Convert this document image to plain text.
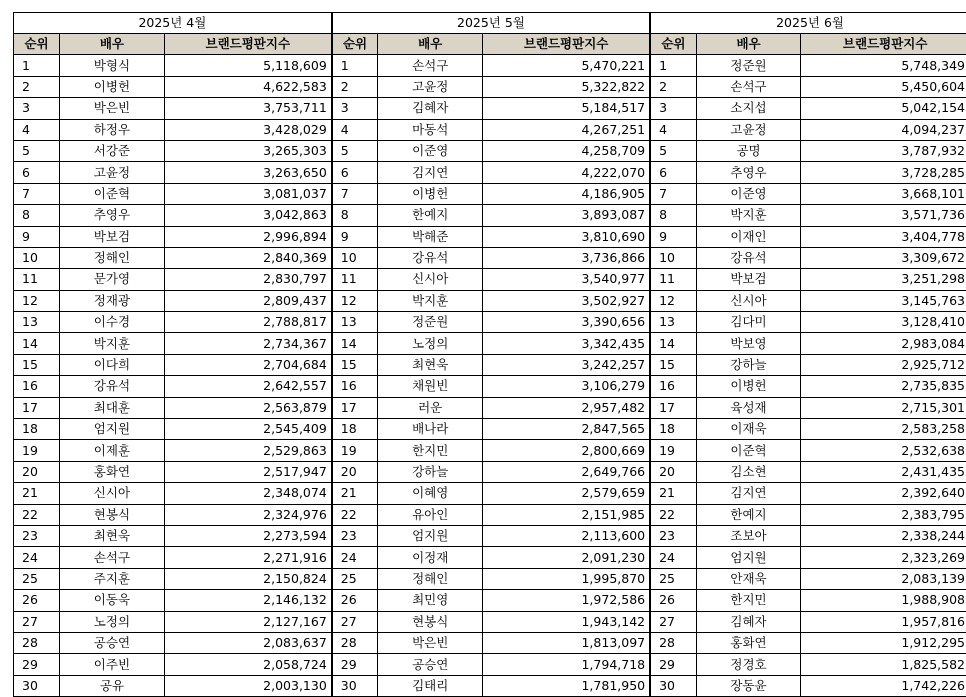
2025년 4월			2025년 5월			2025년 6월		
순위	배우	브랜드평판지수	순위	배우	브랜드평판지수	순위	배우	브랜드평판지수
1	박형식	5,118,609	1	손석구	5,470,221	1	정준원	5,748,349
2	이병헌	4,622,583	2	고윤정	5,322,822	2	손석구	5,450,604
3	박은빈	3,753,711	3	김혜자	5,184,517	3	소지섭	5,042,154
4	하정우	3,428,029	4	마동석	4,267,251	4	고윤정	4,094,237
5	서강준	3,265,303	5	이준영	4,258,709	5	공명	3,787,932
6	고윤정	3,263,650	6	김지연	4,222,070	6	추영우	3,728,285
7	이준혁	3,081,037	7	이병헌	4,186,905	7	이준영	3,668,101
8	추영우	3,042,863	8	한예지	3,893,087	8	박지훈	3,571,736
9	박보검	2,996,894	9	박해준	3,810,690	9	이재인	3,404,778
10	정해인	2,840,369	10	강유석	3,736,866	10	강유석	3,309,672
11	문가영	2,830,797	11	신시아	3,540,977	11	박보검	3,251,298
12	정재광	2,809,437	12	박지훈	3,502,927	12	신시아	3,145,763
13	이수경	2,788,817	13	정준원	3,390,656	13	김다미	3,128,410
14	박지훈	2,734,367	14	노정의	3,342,435	14	박보영	2,983,084
15	이다희	2,704,684	15	최현욱	3,242,257	15	강하늘	2,925,712
16	강유석	2,642,557	16	채원빈	3,106,279	16	이병헌	2,735,835
17	최대훈	2,563,879	17	러운	2,957,482	17	육성재	2,715,301
18	엄지원	2,545,409	18	배나라	2,847,565	18	이재욱	2,583,258
19	이제훈	2,529,863	19	한지민	2,800,669	19	이준혁	2,532,638
20	홍화연	2,517,947	20	강하늘	2,649,766	20	김소현	2,431,435
21	신시아	2,348,074	21	이혜영	2,579,659	21	김지연	2,392,640
22	현봉식	2,324,976	22	유아인	2,151,985	22	한예지	2,383,795
23	최현욱	2,273,594	23	엄지원	2,113,600	23	조보아	2,338,244
24	손석구	2,271,916	24	이정재	2,091,230	24	엄지원	2,323,269
25	주지훈	2,150,824	25	정해인	1,995,870	25	안재욱	2,083,139
26	이동욱	2,146,132	26	최민영	1,972,586	26	한지민	1,988,908
27	노정의	2,127,167	27	현봉식	1,943,142	27	김혜자	1,957,816
28	공승연	2,083,637	28	박은빈	1,813,097	28	홍화연	1,912,295
29	이주빈	2,058,724	29	공승연	1,794,718	29	정경호	1,825,582
30	공유	2,003,130	30	김태리	1,781,950	30	장동윤	1,742,226
